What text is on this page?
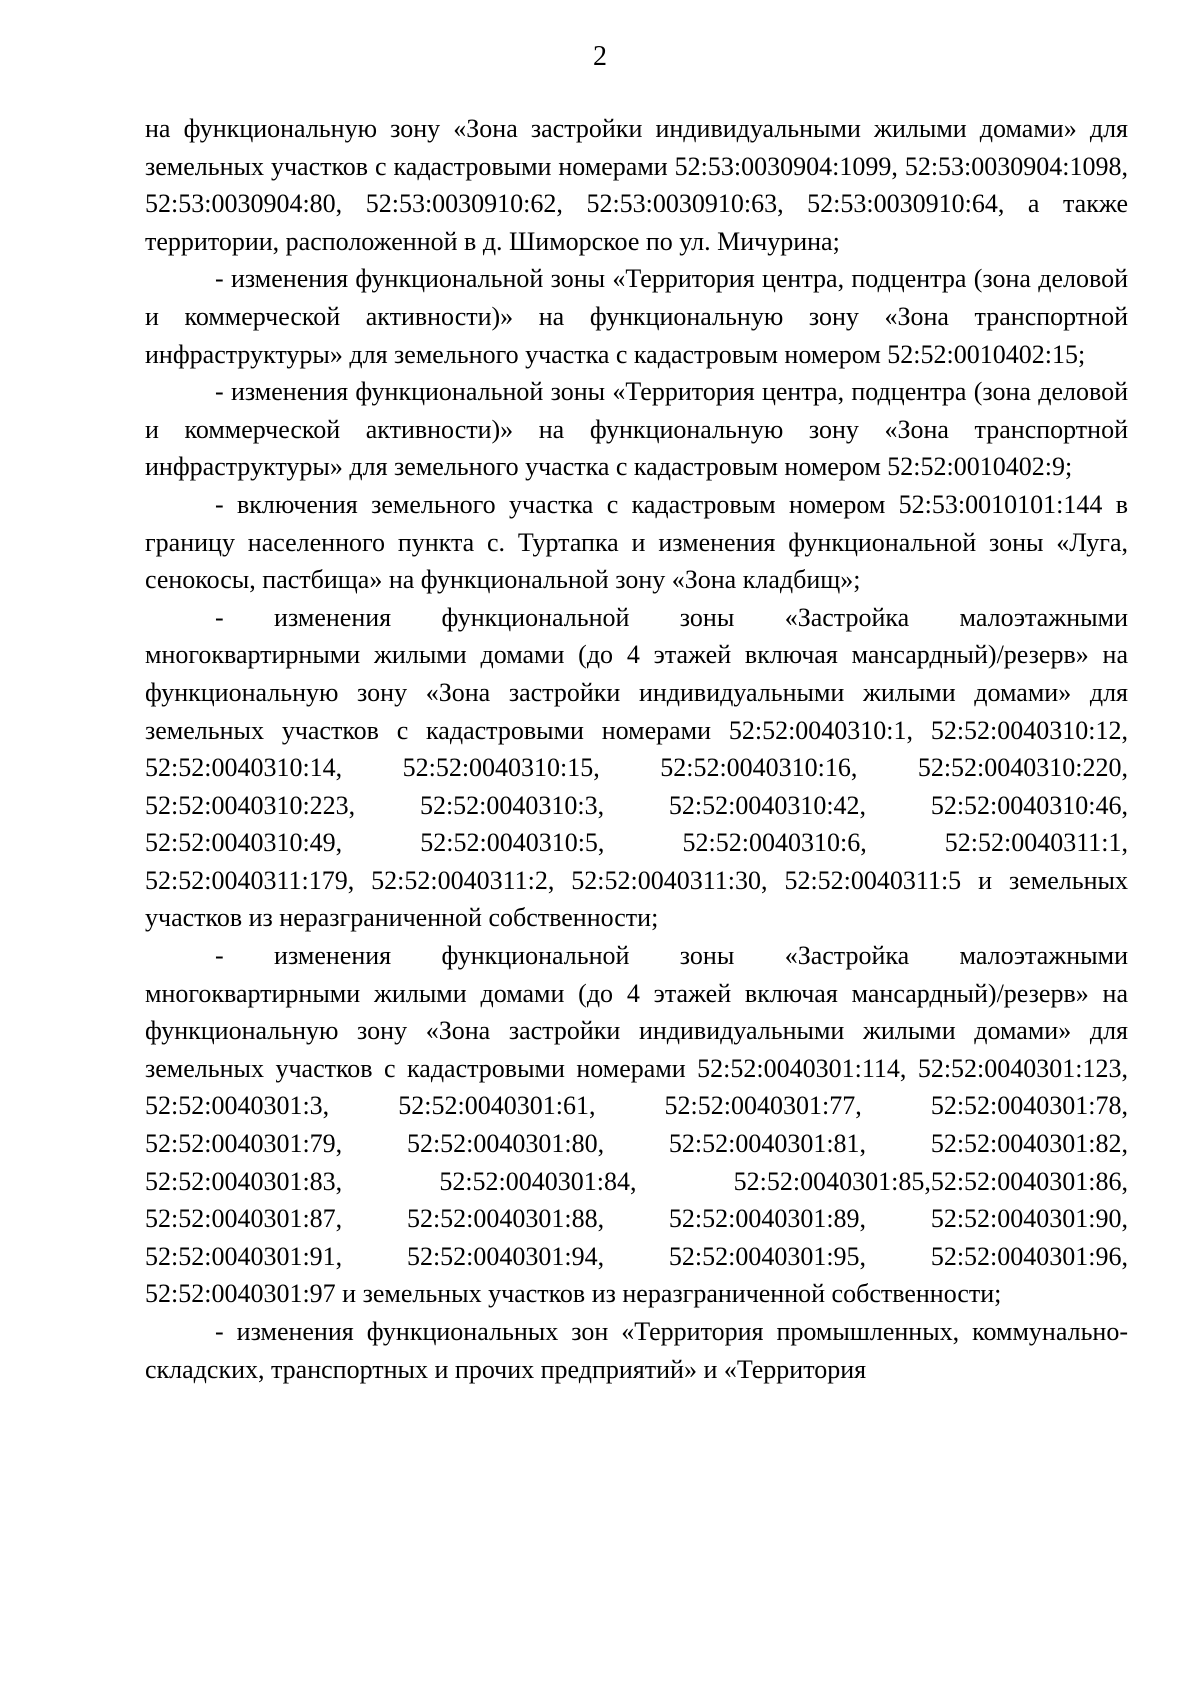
2

на функциональную зону «Зона застройки индивидуальными жилыми домами» для земельных участков с кадастровыми номерами 52:53:0030904:1099, 52:53:0030904:1098, 52:53:0030904:80, 52:53:0030910:62, 52:53:0030910:63, 52:53:0030910:64, а также территории, расположенной в д. Шиморское по ул. Мичурина;

- изменения функциональной зоны «Территория центра, подцентра (зона деловой и коммерческой активности)» на функциональную зону «Зона транспортной инфраструктуры» для земельного участка с кадастровым номером 52:52:0010402:15;

- изменения функциональной зоны «Территория центра, подцентра (зона деловой и коммерческой активности)» на функциональную зону «Зона транспортной инфраструктуры» для земельного участка с кадастровым номером 52:52:0010402:9;

- включения земельного участка с кадастровым номером 52:53:0010101:144 в границу населенного пункта с. Туртапка и изменения функциональной зоны «Луга, сенокосы, пастбища» на функциональной зону «Зона кладбищ»;

- изменения функциональной зоны «Застройка малоэтажными многоквартирными жилыми домами (до 4 этажей включая мансардный)/резерв» на функциональную зону «Зона застройки индивидуальными жилыми домами» для земельных участков с кадастровыми номерами 52:52:0040310:1, 52:52:0040310:12, 52:52:0040310:14, 52:52:0040310:15, 52:52:0040310:16, 52:52:0040310:220, 52:52:0040310:223, 52:52:0040310:3, 52:52:0040310:42, 52:52:0040310:46, 52:52:0040310:49, 52:52:0040310:5, 52:52:0040310:6, 52:52:0040311:1, 52:52:0040311:179, 52:52:0040311:2, 52:52:0040311:30, 52:52:0040311:5 и земельных участков из неразграниченной собственности;

- изменения функциональной зоны «Застройка малоэтажными многоквартирными жилыми домами (до 4 этажей включая мансардный)/резерв» на функциональную зону «Зона застройки индивидуальными жилыми домами» для земельных участков с кадастровыми номерами 52:52:0040301:114, 52:52:0040301:123, 52:52:0040301:3, 52:52:0040301:61, 52:52:0040301:77, 52:52:0040301:78, 52:52:0040301:79, 52:52:0040301:80, 52:52:0040301:81, 52:52:0040301:82, 52:52:0040301:83, 52:52:0040301:84, 52:52:0040301:85,52:52:0040301:86, 52:52:0040301:87, 52:52:0040301:88, 52:52:0040301:89, 52:52:0040301:90, 52:52:0040301:91, 52:52:0040301:94, 52:52:0040301:95, 52:52:0040301:96, 52:52:0040301:97 и земельных участков из неразграниченной собственности;

- изменения функциональных зон «Территория промышленных, коммунально-складских, транспортных и прочих предприятий» и «Территория
